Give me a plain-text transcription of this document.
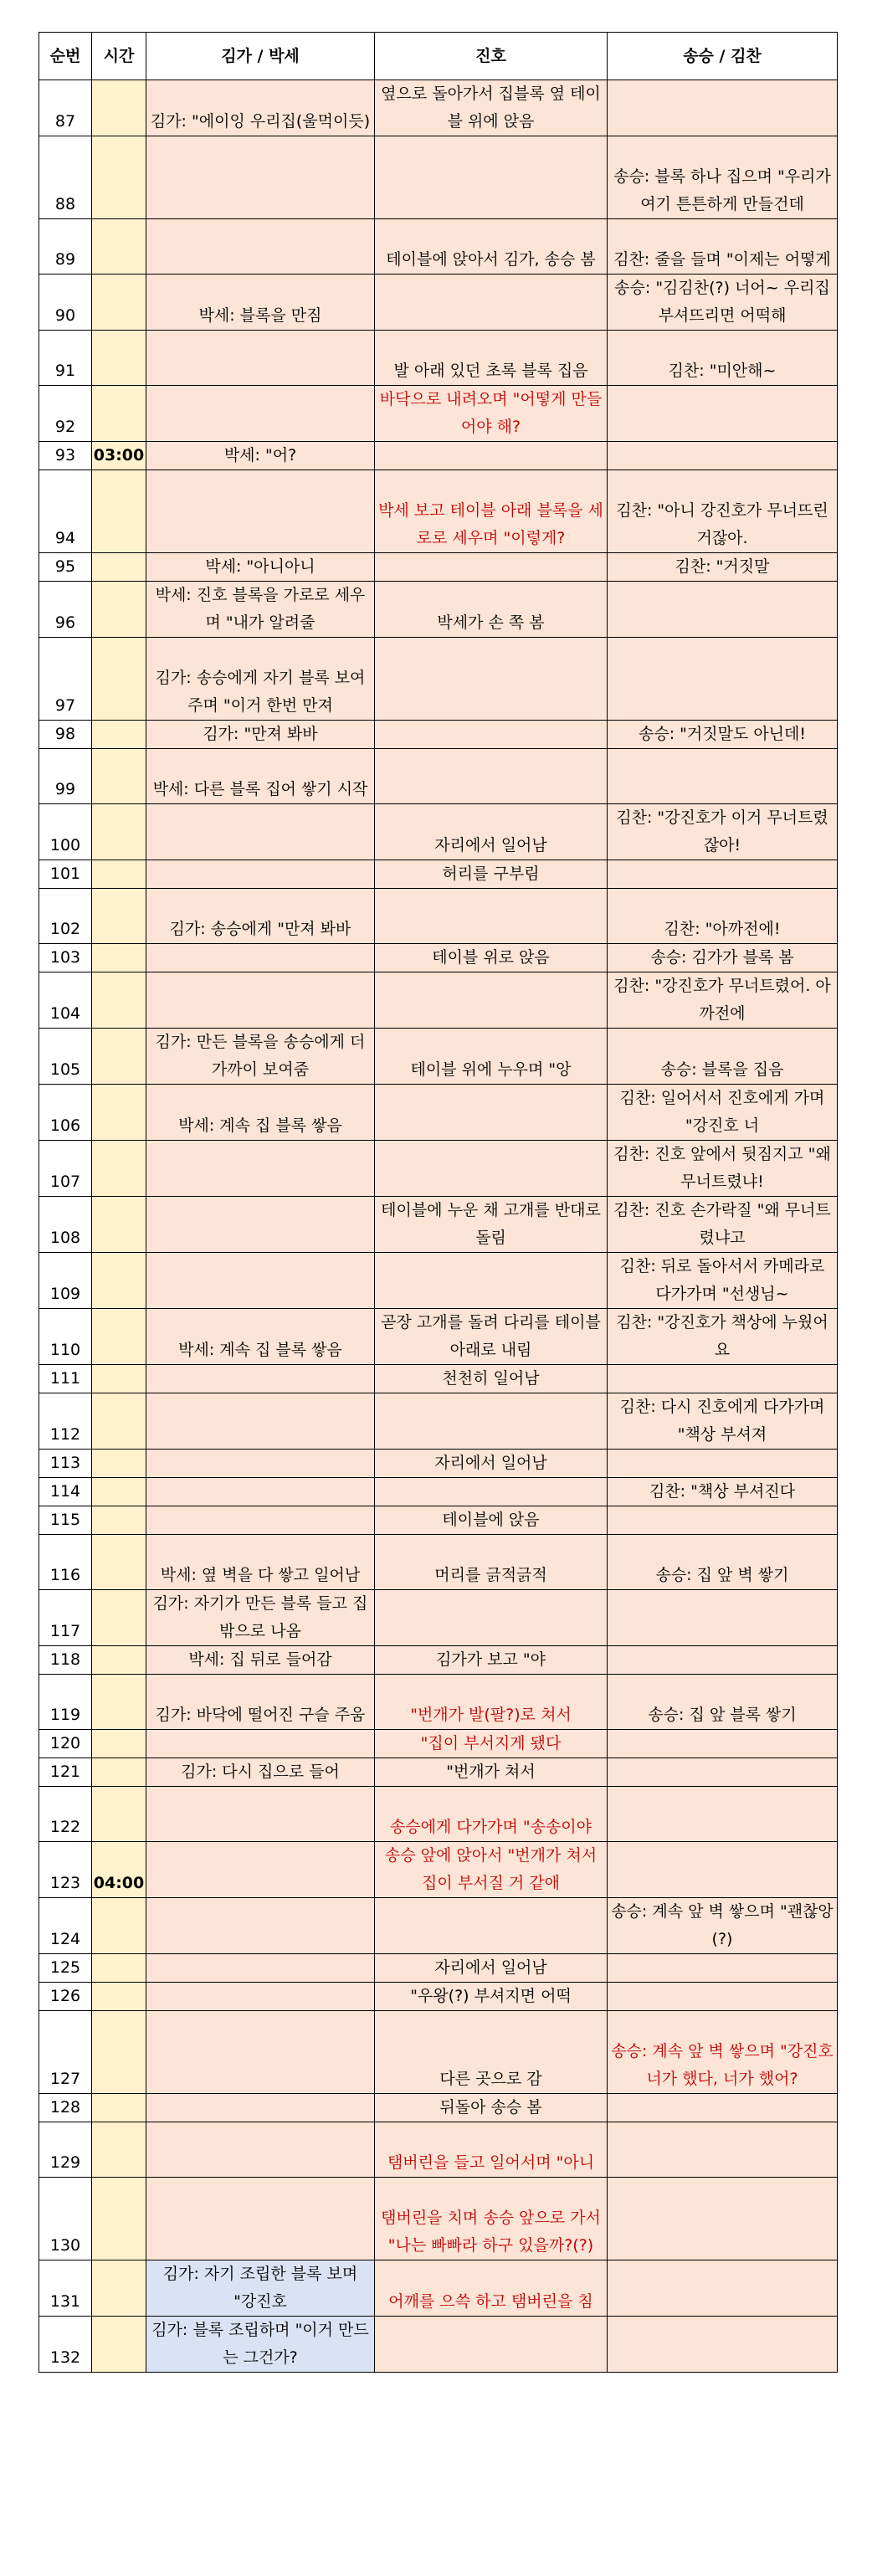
순번	시간	김가 / 박세	진호	송승 / 김찬
87		김가: "에이잉 우리집(울먹이듯)	옆으로 돌아가서 집블록 옆 테이블 위에 앉음	
88				송승: 블록 하나 집으며 "우리가 여기 튼튼하게 만들건데
89			테이블에 앉아서 김가, 송승 봄	김찬: 줄을 들며 "이제는 어떻게
90		박세: 블록을 만짐		송승: "김김찬(?) 너어~ 우리집 부셔뜨리면 어떡해
91			발 아래 있던 초록 블록 집음	김찬: "미안해~
92			바닥으로 내려오며 "어떻게 만들어야 해?	
93	03:00	박세: "어?		
94			박세 보고 테이블 아래 블록을 세로로 세우며 "이렇게?	김찬: "아니 강진호가 무너뜨린 거잖아.
95		박세: "아니아니		김찬: "거짓말
96		박세: 진호 블록을 가로로 세우며 "내가 알려줄	박세가 손 쪽 봄	
97		김가: 송승에게 자기 블록 보여주며 "이거 한번 만져		
98		김가: "만져 봐바		송승: "거짓말도 아닌데!
99		박세: 다른 블록 집어 쌓기 시작		
100			자리에서 일어남	김찬: "강진호가 이거 무너트렸잖아!
101			허리를 구부림	
102		김가: 송승에게 "만져 봐바		김찬: "아까전에!
103			테이블 위로 앉음	송승: 김가가 블록 봄
104				김찬: "강진호가 무너트렸어. 아까전에
105		김가: 만든 블록을 송승에게 더 가까이 보여줌	테이블 위에 누우며 "앙	송승: 블록을 집음
106		박세: 계속 집 블록 쌓음		김찬: 일어서서 진호에게 가며 "강진호 너
107				김찬: 진호 앞에서 뒷짐지고 "왜 무너트렸냐!
108			테이블에 누운 채 고개를 반대로 돌림	김찬: 진호 손가락질 "왜 무너트렸냐고
109				김찬: 뒤로 돌아서서 카메라로 다가가며 "선생님~
110		박세: 계속 집 블록 쌓음	곧장 고개를 돌려 다리를 테이블 아래로 내림	김찬: "강진호가 책상에 누웠어요
111			천천히 일어남	
112				김찬: 다시 진호에게 다가가며 "책상 부셔져
113			자리에서 일어남	
114				김찬: "책상 부셔진다
115			테이블에 앉음	
116		박세: 옆 벽을 다 쌓고 일어남	머리를 긁적긁적	송승: 집 앞 벽 쌓기
117		김가: 자기가 만든 블록 들고 집 밖으로 나옴		
118		박세: 집 뒤로 들어감	김가가 보고 "야	
119		김가: 바닥에 떨어진 구슬 주움	"번개가 발(팔?)로 쳐서	송승: 집 앞 블록 쌓기
120			"집이 부서지게 됐다	
121		김가: 다시 집으로 들어	"번개가 쳐서	
122			송승에게 다가가며 "송송이야	
123	04:00		송승 앞에 앉아서 "번개가 쳐서 집이 부서질 거 같애	
124				송승: 계속 앞 벽 쌓으며 "괜찮앙(?)
125			자리에서 일어남	
126			"우왕(?) 부셔지면 어떡	
127			다른 곳으로 감	송승: 계속 앞 벽 쌓으며 "강진호 너가 했다, 너가 했어?
128			뒤돌아 송승 봄	
129			탬버린을 들고 일어서며 "아니	
130			탬버린을 치며 송승 앞으로 가서 "나는 빠빠라 하구 있을까?(?)	
131		김가: 자기 조립한 블록 보며 "강진호	어깨를 으쓱 하고 탬버린을 침	
132		김가: 블록 조립하며 "이거 만드는 그건가?		
